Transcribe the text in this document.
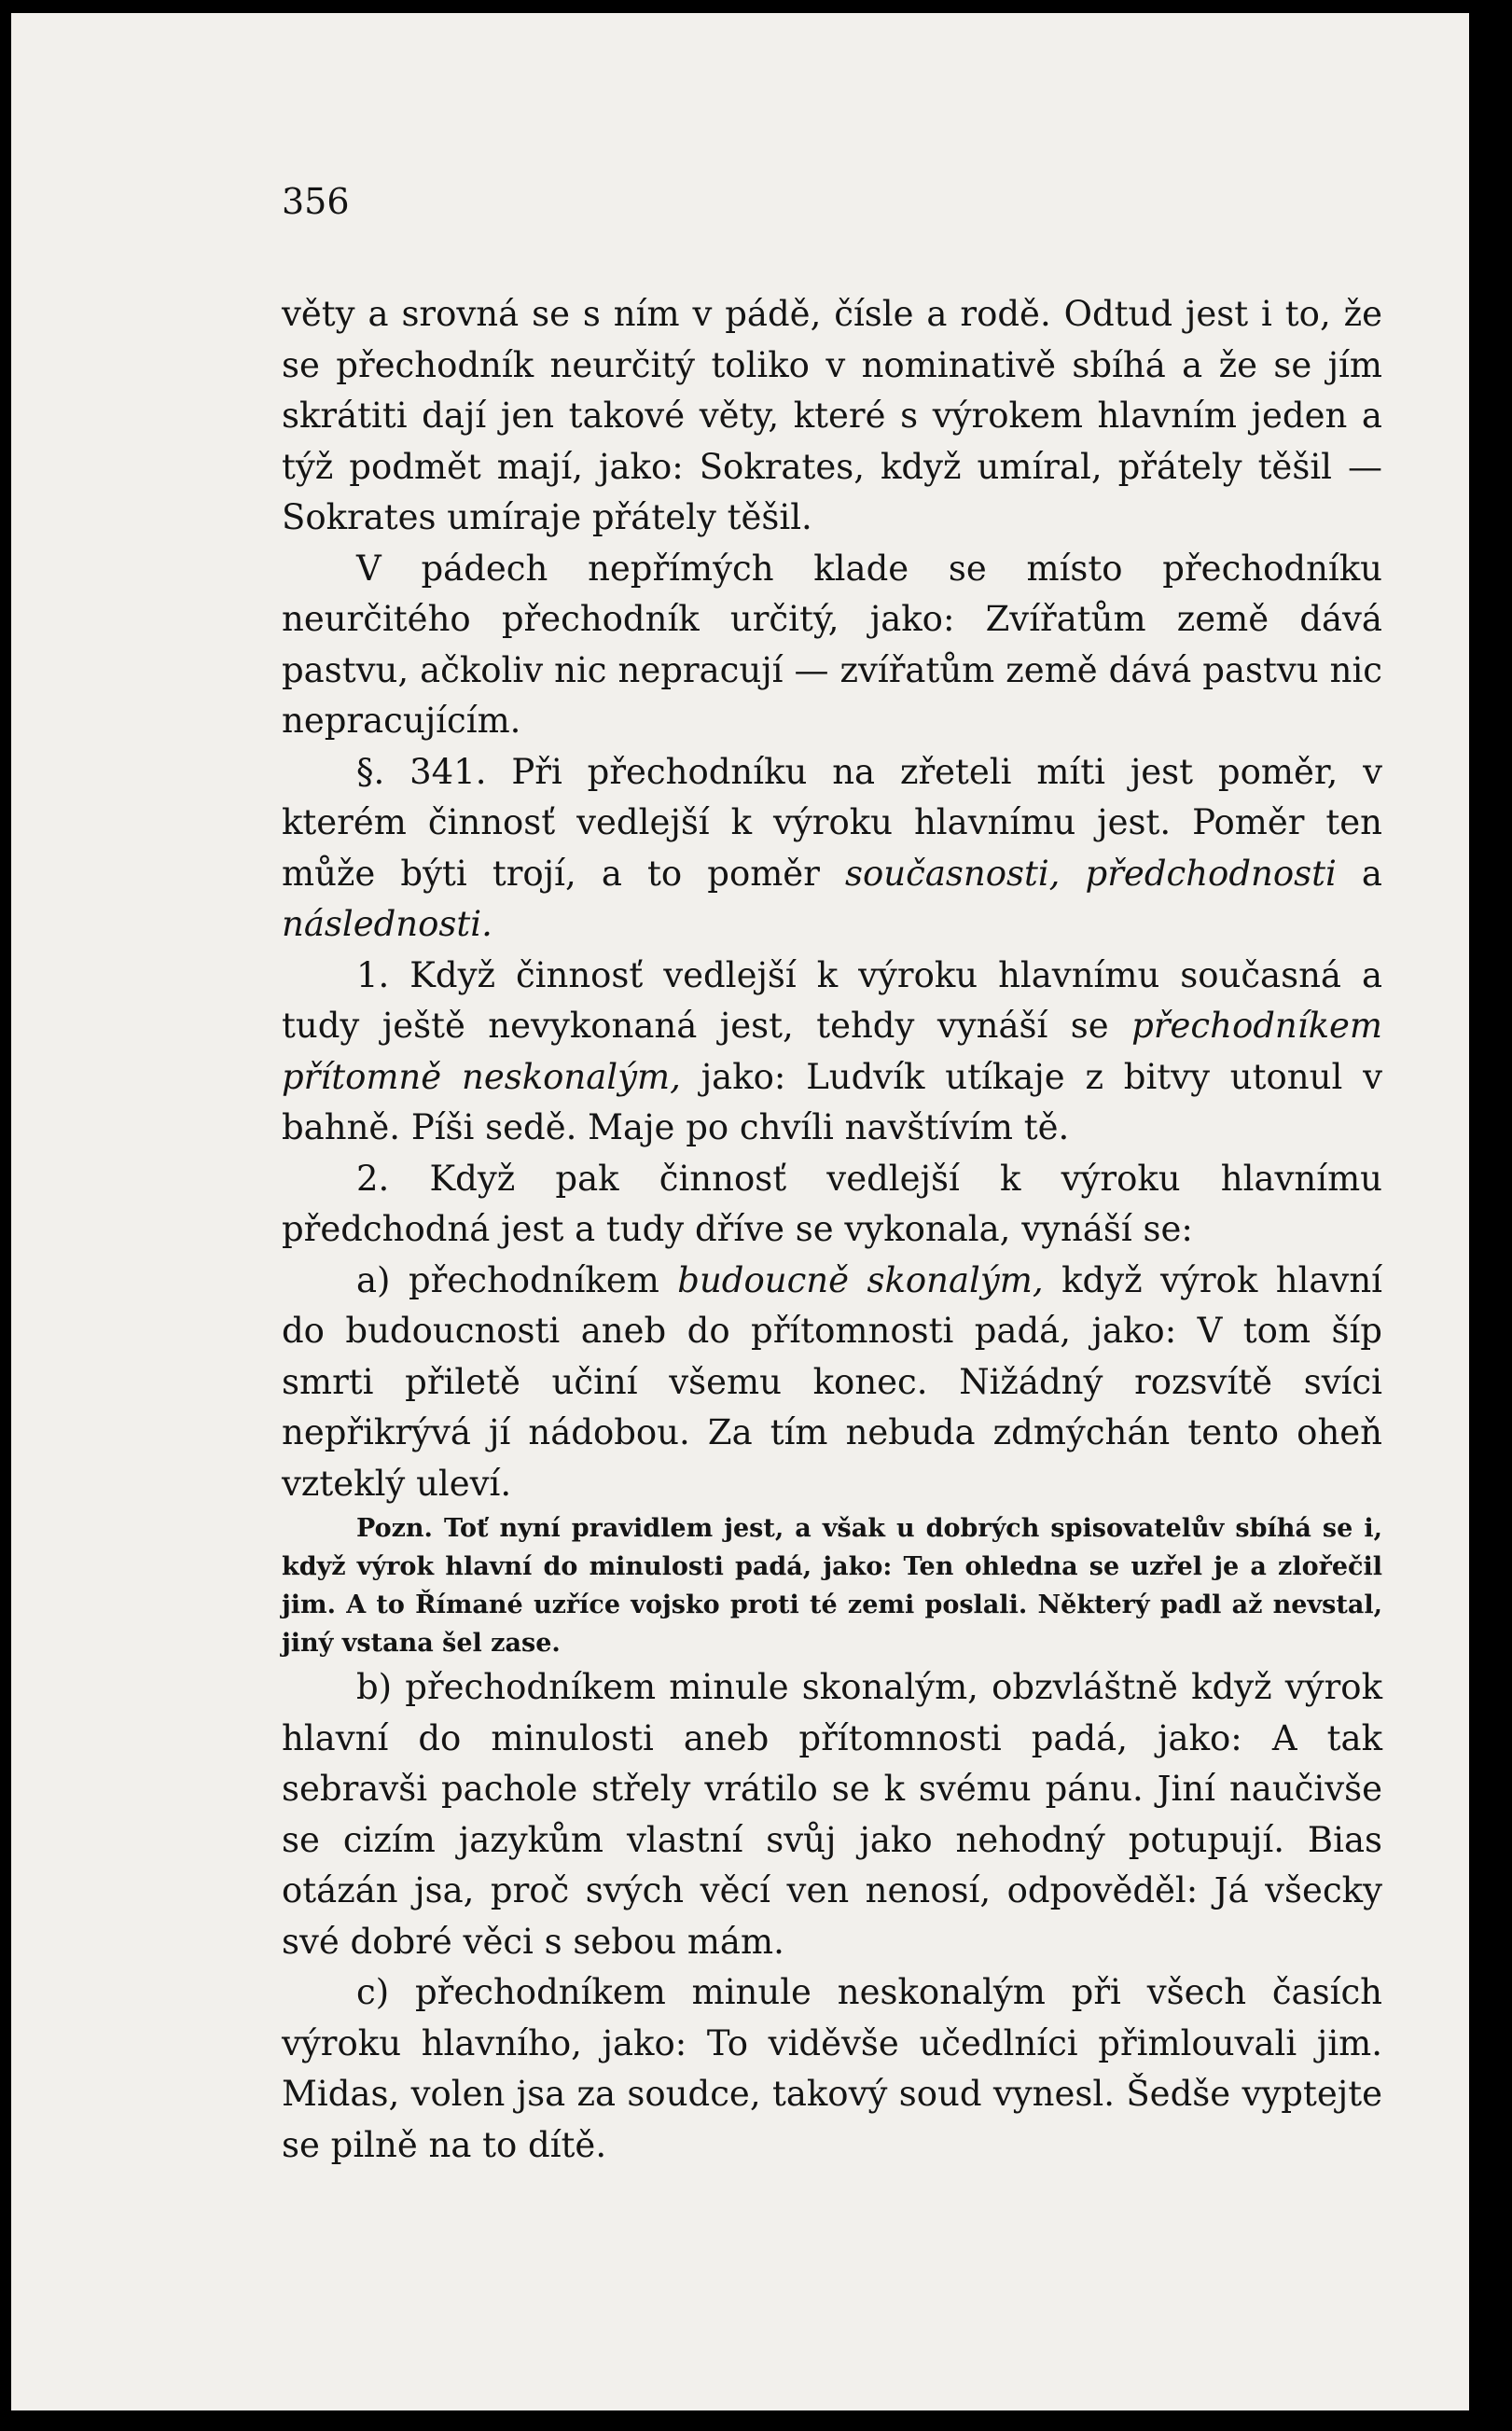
356

věty a srovná se s ním v pádě, čísle a rodě. Odtud jest i to, že se přechodník neurčitý toliko v nominativě sbíhá a že se jím skrátiti dají jen takové věty, které s výrokem hlavním jeden a týž podmět mají, jako: Sokrates, když umíral, přátely těšil — Sokrates umíraje přátely těšil.

V pádech nepřímých klade se místo přechodníku neurčitého přechodník určitý, jako: Zvířatům země dává pastvu, ačkoliv nic nepracují — zvířatům země dává pastvu nic nepracujícím.

§. 341. Při přechodníku na zřeteli míti jest poměr, v kterém činnosť vedlejší k výroku hlavnímu jest. Poměr ten může býti trojí, a to poměr současnosti, předchodnosti a následnosti.

1. Když činnosť vedlejší k výroku hlavnímu současná a tudy ještě nevykonaná jest, tehdy vynáší se přechodníkem přítomně neskonalým, jako: Ludvík utíkaje z bitvy utonul v bahně. Píši sedě. Maje po chvíli navštívím tě.

2. Když pak činnosť vedlejší k výroku hlavnímu předchodná jest a tudy dříve se vykonala, vynáší se:

a) přechodníkem budoucně skonalým, když výrok hlavní do budoucnosti aneb do přítomnosti padá, jako: V tom šíp smrti přiletě učiní všemu konec. Nižádný rozsvítě svíci nepřikrývá jí nádobou. Za tím nebuda zdmýchán tento oheň vzteklý uleví.

Pozn. Toť nyní pravidlem jest, a však u dobrých spisovatelův sbíhá se i, když výrok hlavní do minulosti padá, jako: Ten ohledna se uzřel je a zlořečil jim. A to Římané uzříce vojsko proti té zemi poslali. Některý padl až nevstal, jiný vstana šel zase.

b) přechodníkem minule skonalým, obzvláštně když výrok hlavní do minulosti aneb přítomnosti padá, jako: A tak sebravši pachole střely vrátilo se k svému pánu. Jiní naučivše se cizím jazykům vlastní svůj jako nehodný potupují. Bias otázán jsa, proč svých věcí ven nenosí, odpověděl: Já všecky své dobré věci s sebou mám.

c) přechodníkem minule neskonalým při všech časích výroku hlavního, jako: To viděvše učedlníci přimlouvali jim. Midas, volen jsa za soudce, takový soud vynesl. Šedše vyptejte se pilně na to dítě.
